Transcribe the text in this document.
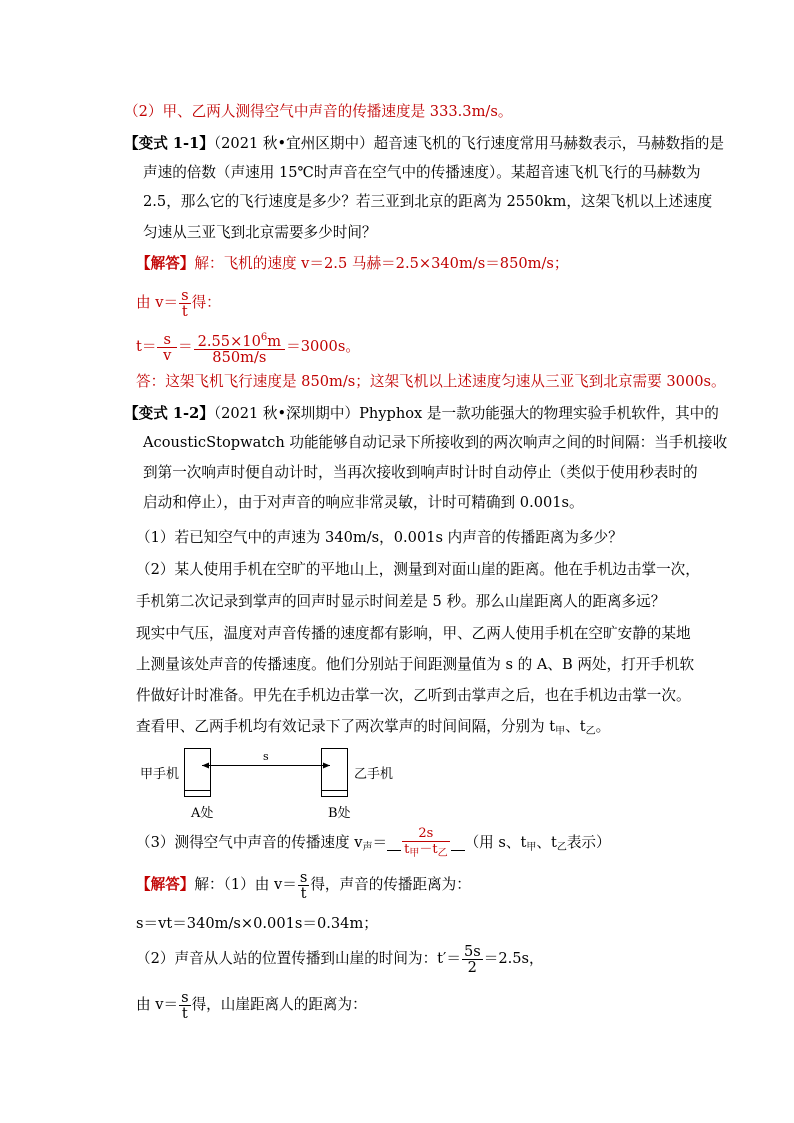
（2）甲、乙两人测得空气中声音的传播速度是 333.3m/s。
【变式 1-1】（2021 秋•宜州区期中）超音速飞机的飞行速度常用马赫数表示，马赫数指的是
声速的倍数（声速用 15℃时声音在空气中的传播速度）。某超音速飞机飞行的马赫数为
2.5，那么它的飞行速度是多少？若三亚到北京的距离为 2550km，这架飞机以上述速度
匀速从三亚飞到北京需要多少时间？
【解答】解：飞机的速度 v＝2.5 马赫＝2.5×340m/s＝850m/s；
由 $v= \frac{s}{t}$ 得：
$t= \frac{s}{v} = \frac{2.55\times 10^6m}{850m/s} =3000s$。
答：这架飞机飞行速度是 850m/s；这架飞机以上述速度匀速从三亚飞到北京需要 3000s。
【变式 1-2】（2021 秋•深圳期中）Phyphox 是一款功能强大的物理实验手机软件，其中的
AcousticStopwatch 功能能够自动记录下所接收到的两次响声之间的时间隔：当手机接收
到第一次响声时便自动计时，当再次接收到响声时计时自动停止（类似于使用秒表时的
启动和停止），由于对声音的响应非常灵敏，计时可精确到 0.001s。
（1）若已知空气中的声速为 340m/s，0.001s 内声音的传播距离为多少？
（2）某人使用手机在空旷的平地山上，测量到对面山崖的距离。他在手机边击掌一次，
手机第二次记录到掌声的回声时显示时间差是 5 秒。那么山崖距离人的距离多远？
现实中气压，温度对声音传播的速度都有影响，甲、乙两人使用手机在空旷安静的某地
上测量该处声音的传播速度。他们分别站于间距测量值为 s 的 A、B 两处，打开手机软
件做好计时准备。甲先在手机边击掌一次，乙听到击掌声之后，也在手机边击掌一次。
查看甲、乙两手机均有效记录下了两次掌声的时间间隔，分别为 $t_甲$、$t_乙$。
甲手机	乙手机
s
A处	B处
（3）测得空气中声音的传播速度 $v_声= \frac{2s}{t_甲-t_乙}$ （用 s、$t_甲$、$t_乙$表示）
【解答】解：（1）由 $v= \frac{s}{t}$ 得，声音的传播距离为：
s＝vt＝340m/s×0.001s＝0.34m；
（2）声音从人站的位置传播到山崖的时间为：$t'= \frac{5s}{2} =2.5s$，
由 $v= \frac{s}{t}$ 得，山崖距离人的距离为：
